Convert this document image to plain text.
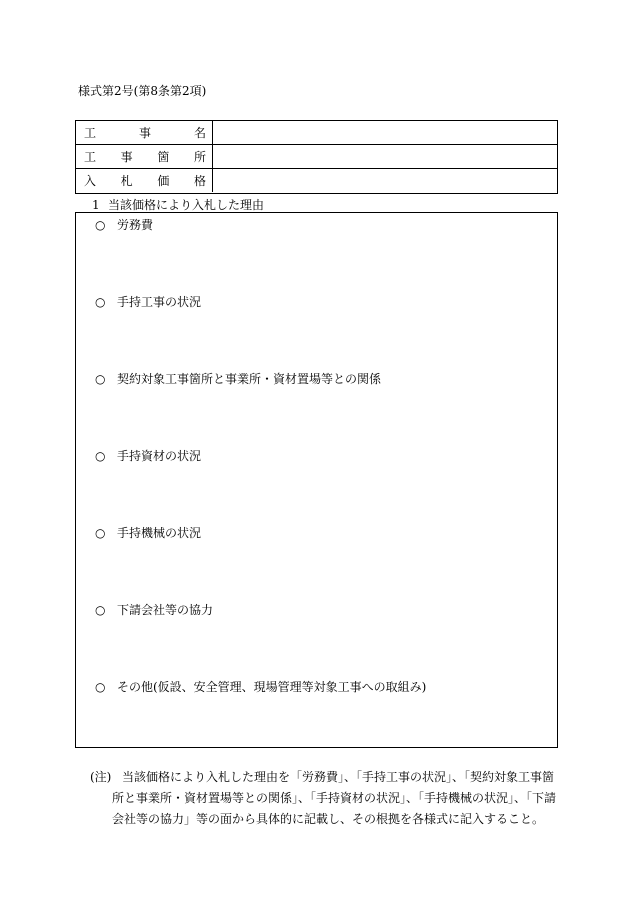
様式第2号(第8条第2項)
工 事 名
工 事 箇 所
入 札 価 格
1 当該価格により入札した理由
○ 労務費
○ 手持工事の状況
○ 契約対象工事箇所と事業所・資材置場等との関係
○ 手持資材の状況
○ 手持機械の状況
○ 下請会社等の協力
○ その他(仮設、安全管理、現場管理等対象工事への取組み)
(注) 当該価格により入札した理由を「労務費」、「手持工事の状況」、「契約対象工事箇
所と事業所・資材置場等との関係」、「手持資材の状況」、「手持機械の状況」、「下請
会社等の協力」等の面から具体的に記載し、その根拠を各様式に記入すること。
